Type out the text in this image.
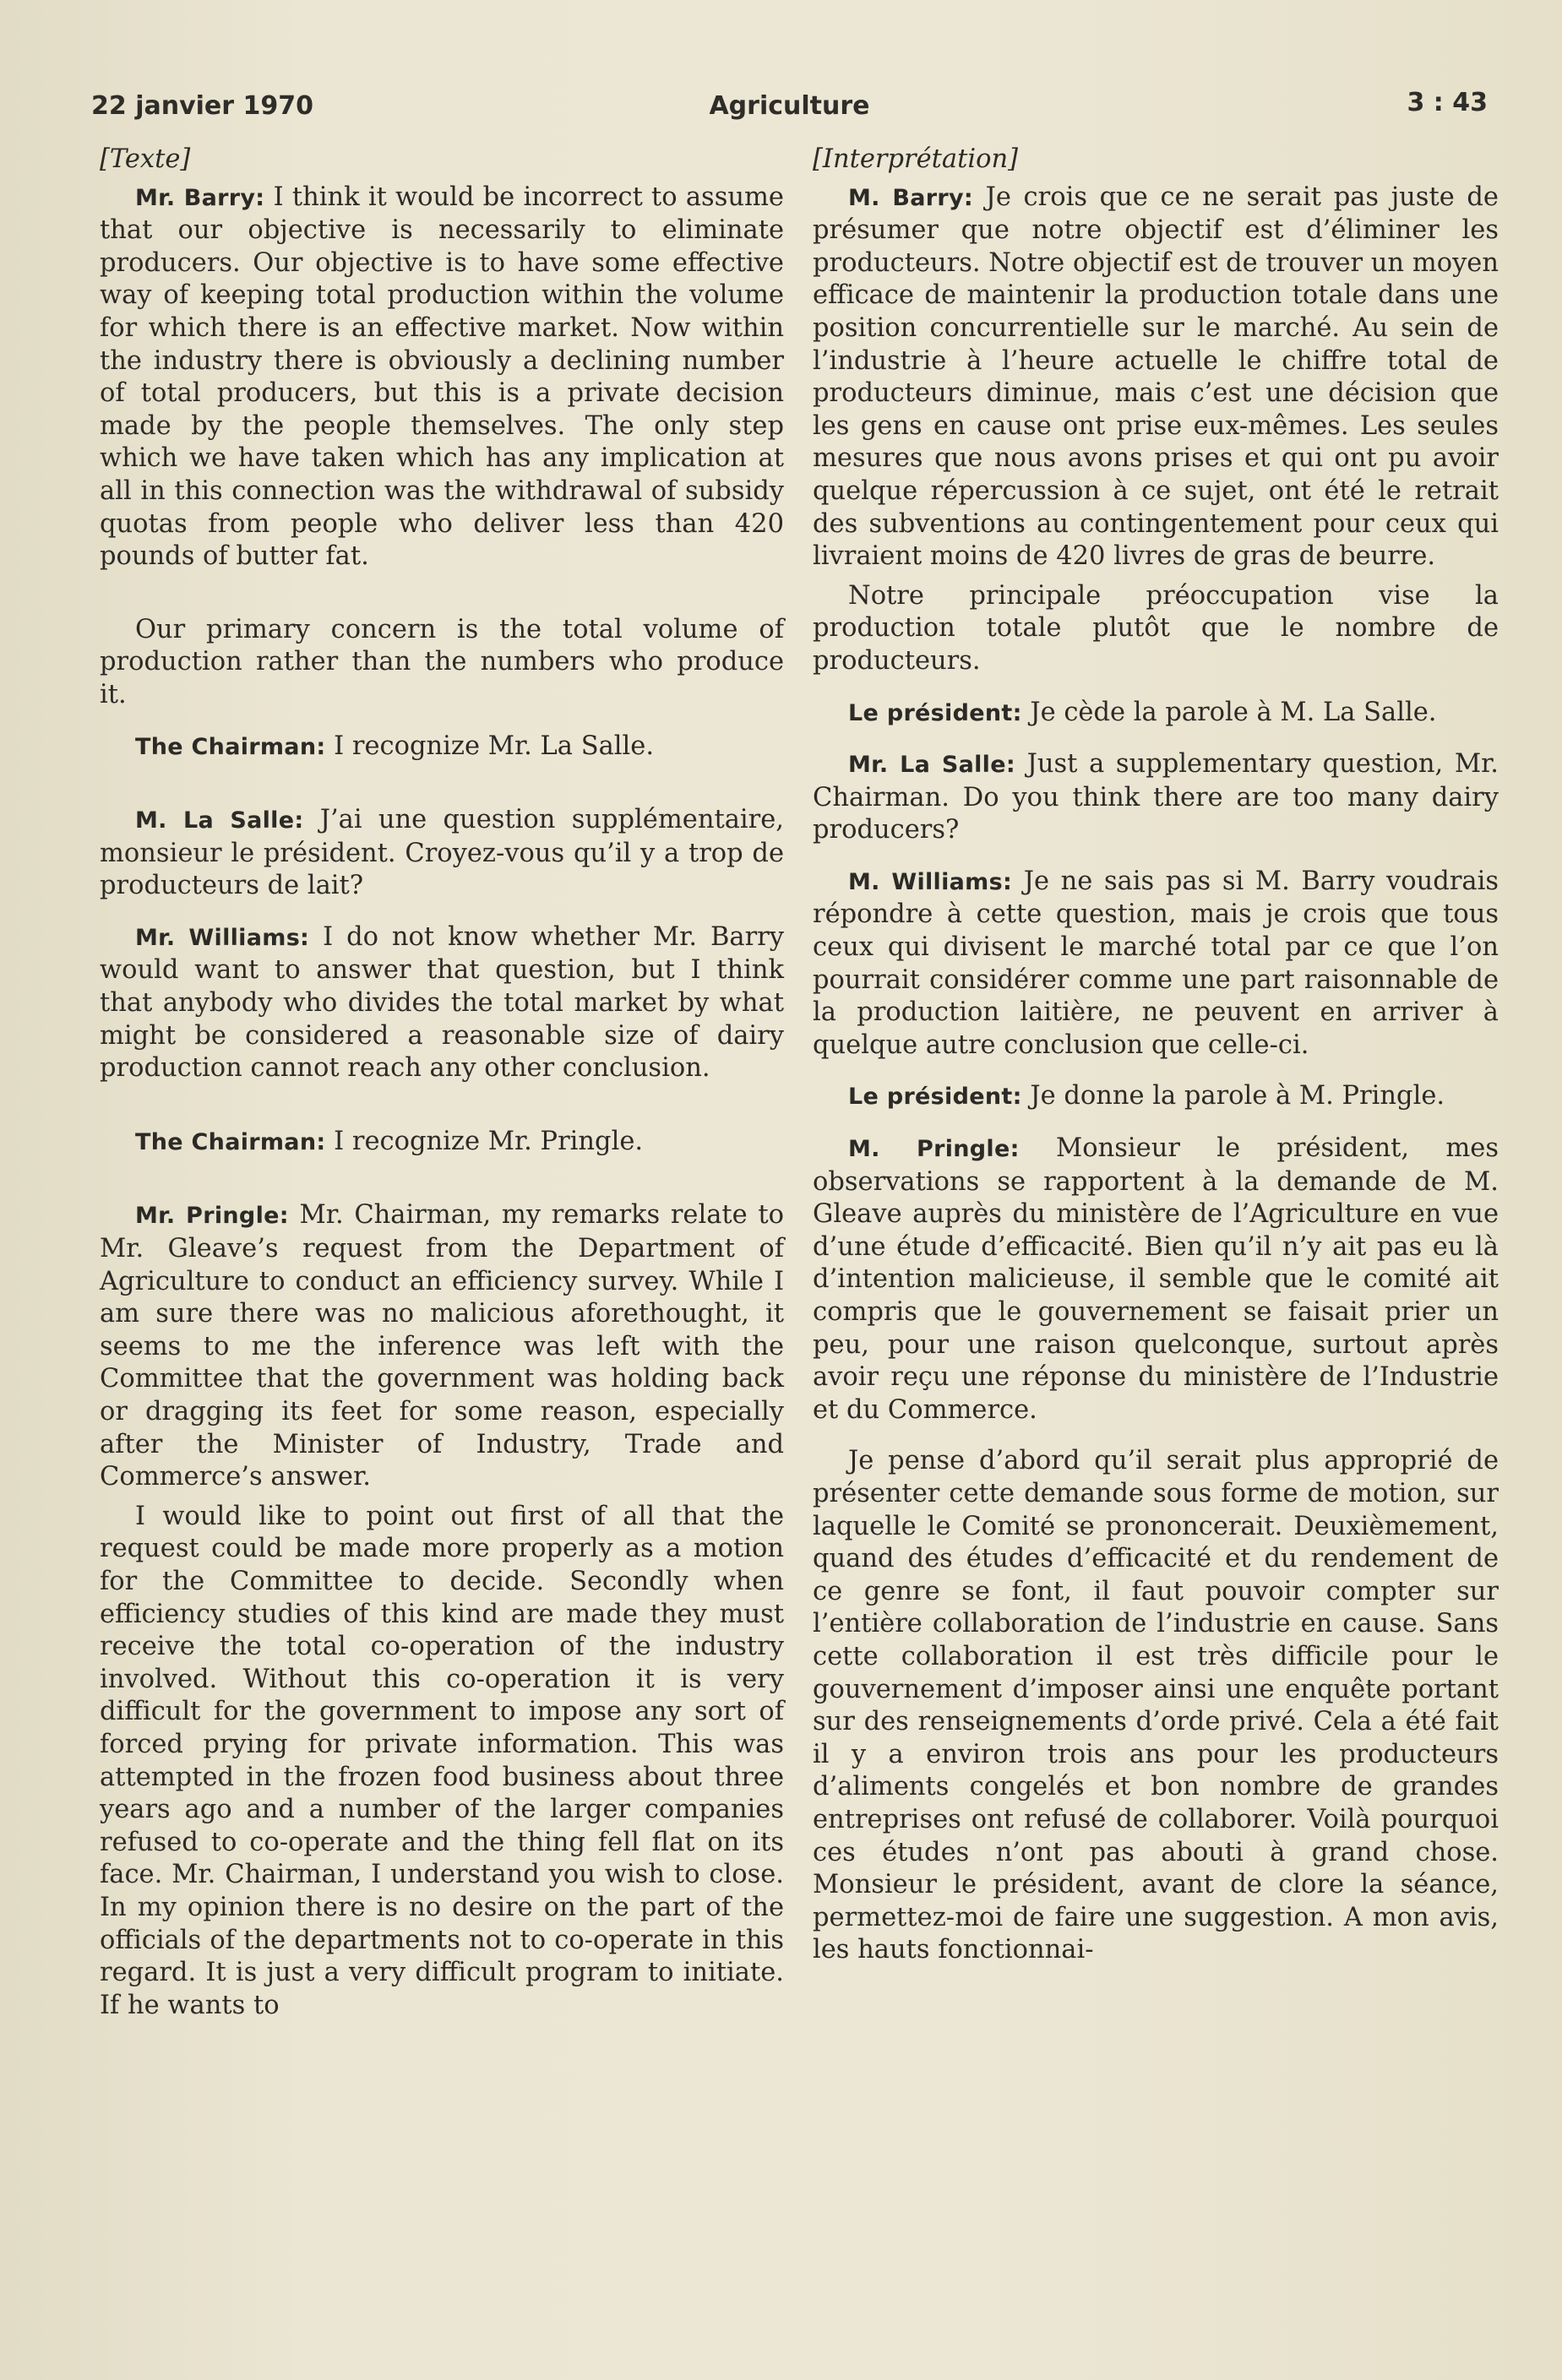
22 janvier 1970	Agriculture	3 : 43

[Texte]

Mr. Barry: I think it would be incorrect to assume that our objective is necessarily to eliminate producers. Our objective is to have some effective way of keeping total production within the volume for which there is an effective market. Now within the industry there is obviously a declining number of total producers, but this is a private decision made by the people themselves. The only step which we have taken which has any implication at all in this connection was the withdrawal of subsidy quotas from people who deliver less than 420 pounds of butter fat.

Our primary concern is the total volume of production rather than the numbers who produce it.

The Chairman: I recognize Mr. La Salle.

M. La Salle: J’ai une question supplémentaire, monsieur le président. Croyez-vous qu’il y a trop de producteurs de lait?

Mr. Williams: I do not know whether Mr. Barry would want to answer that question, but I think that anybody who divides the total market by what might be considered a reasonable size of dairy production cannot reach any other conclusion.

The Chairman: I recognize Mr. Pringle.

Mr. Pringle: Mr. Chairman, my remarks relate to Mr. Gleave’s request from the Department of Agriculture to conduct an efficiency survey. While I am sure there was no malicious aforethought, it seems to me the inference was left with the Committee that the government was holding back or dragging its feet for some reason, especially after the Minister of Industry, Trade and Commerce’s answer.

I would like to point out first of all that the request could be made more properly as a motion for the Committee to decide. Secondly when efficiency studies of this kind are made they must receive the total co-operation of the industry involved. Without this co-operation it is very difficult for the government to impose any sort of forced prying for private information. This was attempted in the frozen food business about three years ago and a number of the larger companies refused to co-operate and the thing fell flat on its face. Mr. Chairman, I understand you wish to close. In my opinion there is no desire on the part of the officials of the departments not to co-operate in this regard. It is just a very difficult program to initiate. If he wants to

[Interprétation]

M. Barry: Je crois que ce ne serait pas juste de présumer que notre objectif est d’éliminer les producteurs. Notre objectif est de trouver un moyen efficace de maintenir la production totale dans une position concurrentielle sur le marché. Au sein de l’industrie à l’heure actuelle le chiffre total de producteurs diminue, mais c’est une décision que les gens en cause ont prise eux-mêmes. Les seules mesures que nous avons prises et qui ont pu avoir quelque répercussion à ce sujet, ont été le retrait des subventions au contingentement pour ceux qui livraient moins de 420 livres de gras de beurre.

Notre principale préoccupation vise la production totale plutôt que le nombre de producteurs.

Le président: Je cède la parole à M. La Salle.

Mr. La Salle: Just a supplementary question, Mr. Chairman. Do you think there are too many dairy producers?

M. Williams: Je ne sais pas si M. Barry voudrais répondre à cette question, mais je crois que tous ceux qui divisent le marché total par ce que l’on pourrait considérer comme une part raisonnable de la production laitière, ne peuvent en arriver à quelque autre conclusion que celle-ci.

Le président: Je donne la parole à M. Pringle.

M. Pringle: Monsieur le président, mes observations se rapportent à la demande de M. Gleave auprès du ministère de l’Agriculture en vue d’une étude d’efficacité. Bien qu’il n’y ait pas eu là d’intention malicieuse, il semble que le comité ait compris que le gouvernement se faisait prier un peu, pour une raison quelconque, surtout après avoir reçu une réponse du ministère de l’Industrie et du Commerce.

Je pense d’abord qu’il serait plus approprié de présenter cette demande sous forme de motion, sur laquelle le Comité se prononcerait. Deuxièmement, quand des études d’efficacité et du rendement de ce genre se font, il faut pouvoir compter sur l’entière collaboration de l’industrie en cause. Sans cette collaboration il est très difficile pour le gouvernement d’imposer ainsi une enquête portant sur des renseignements d’orde privé. Cela a été fait il y a environ trois ans pour les producteurs d’aliments congelés et bon nombre de grandes entreprises ont refusé de collaborer. Voilà pourquoi ces études n’ont pas abouti à grand chose. Monsieur le président, avant de clore la séance, permettez-moi de faire une suggestion. A mon avis, les hauts fonctionnai-
